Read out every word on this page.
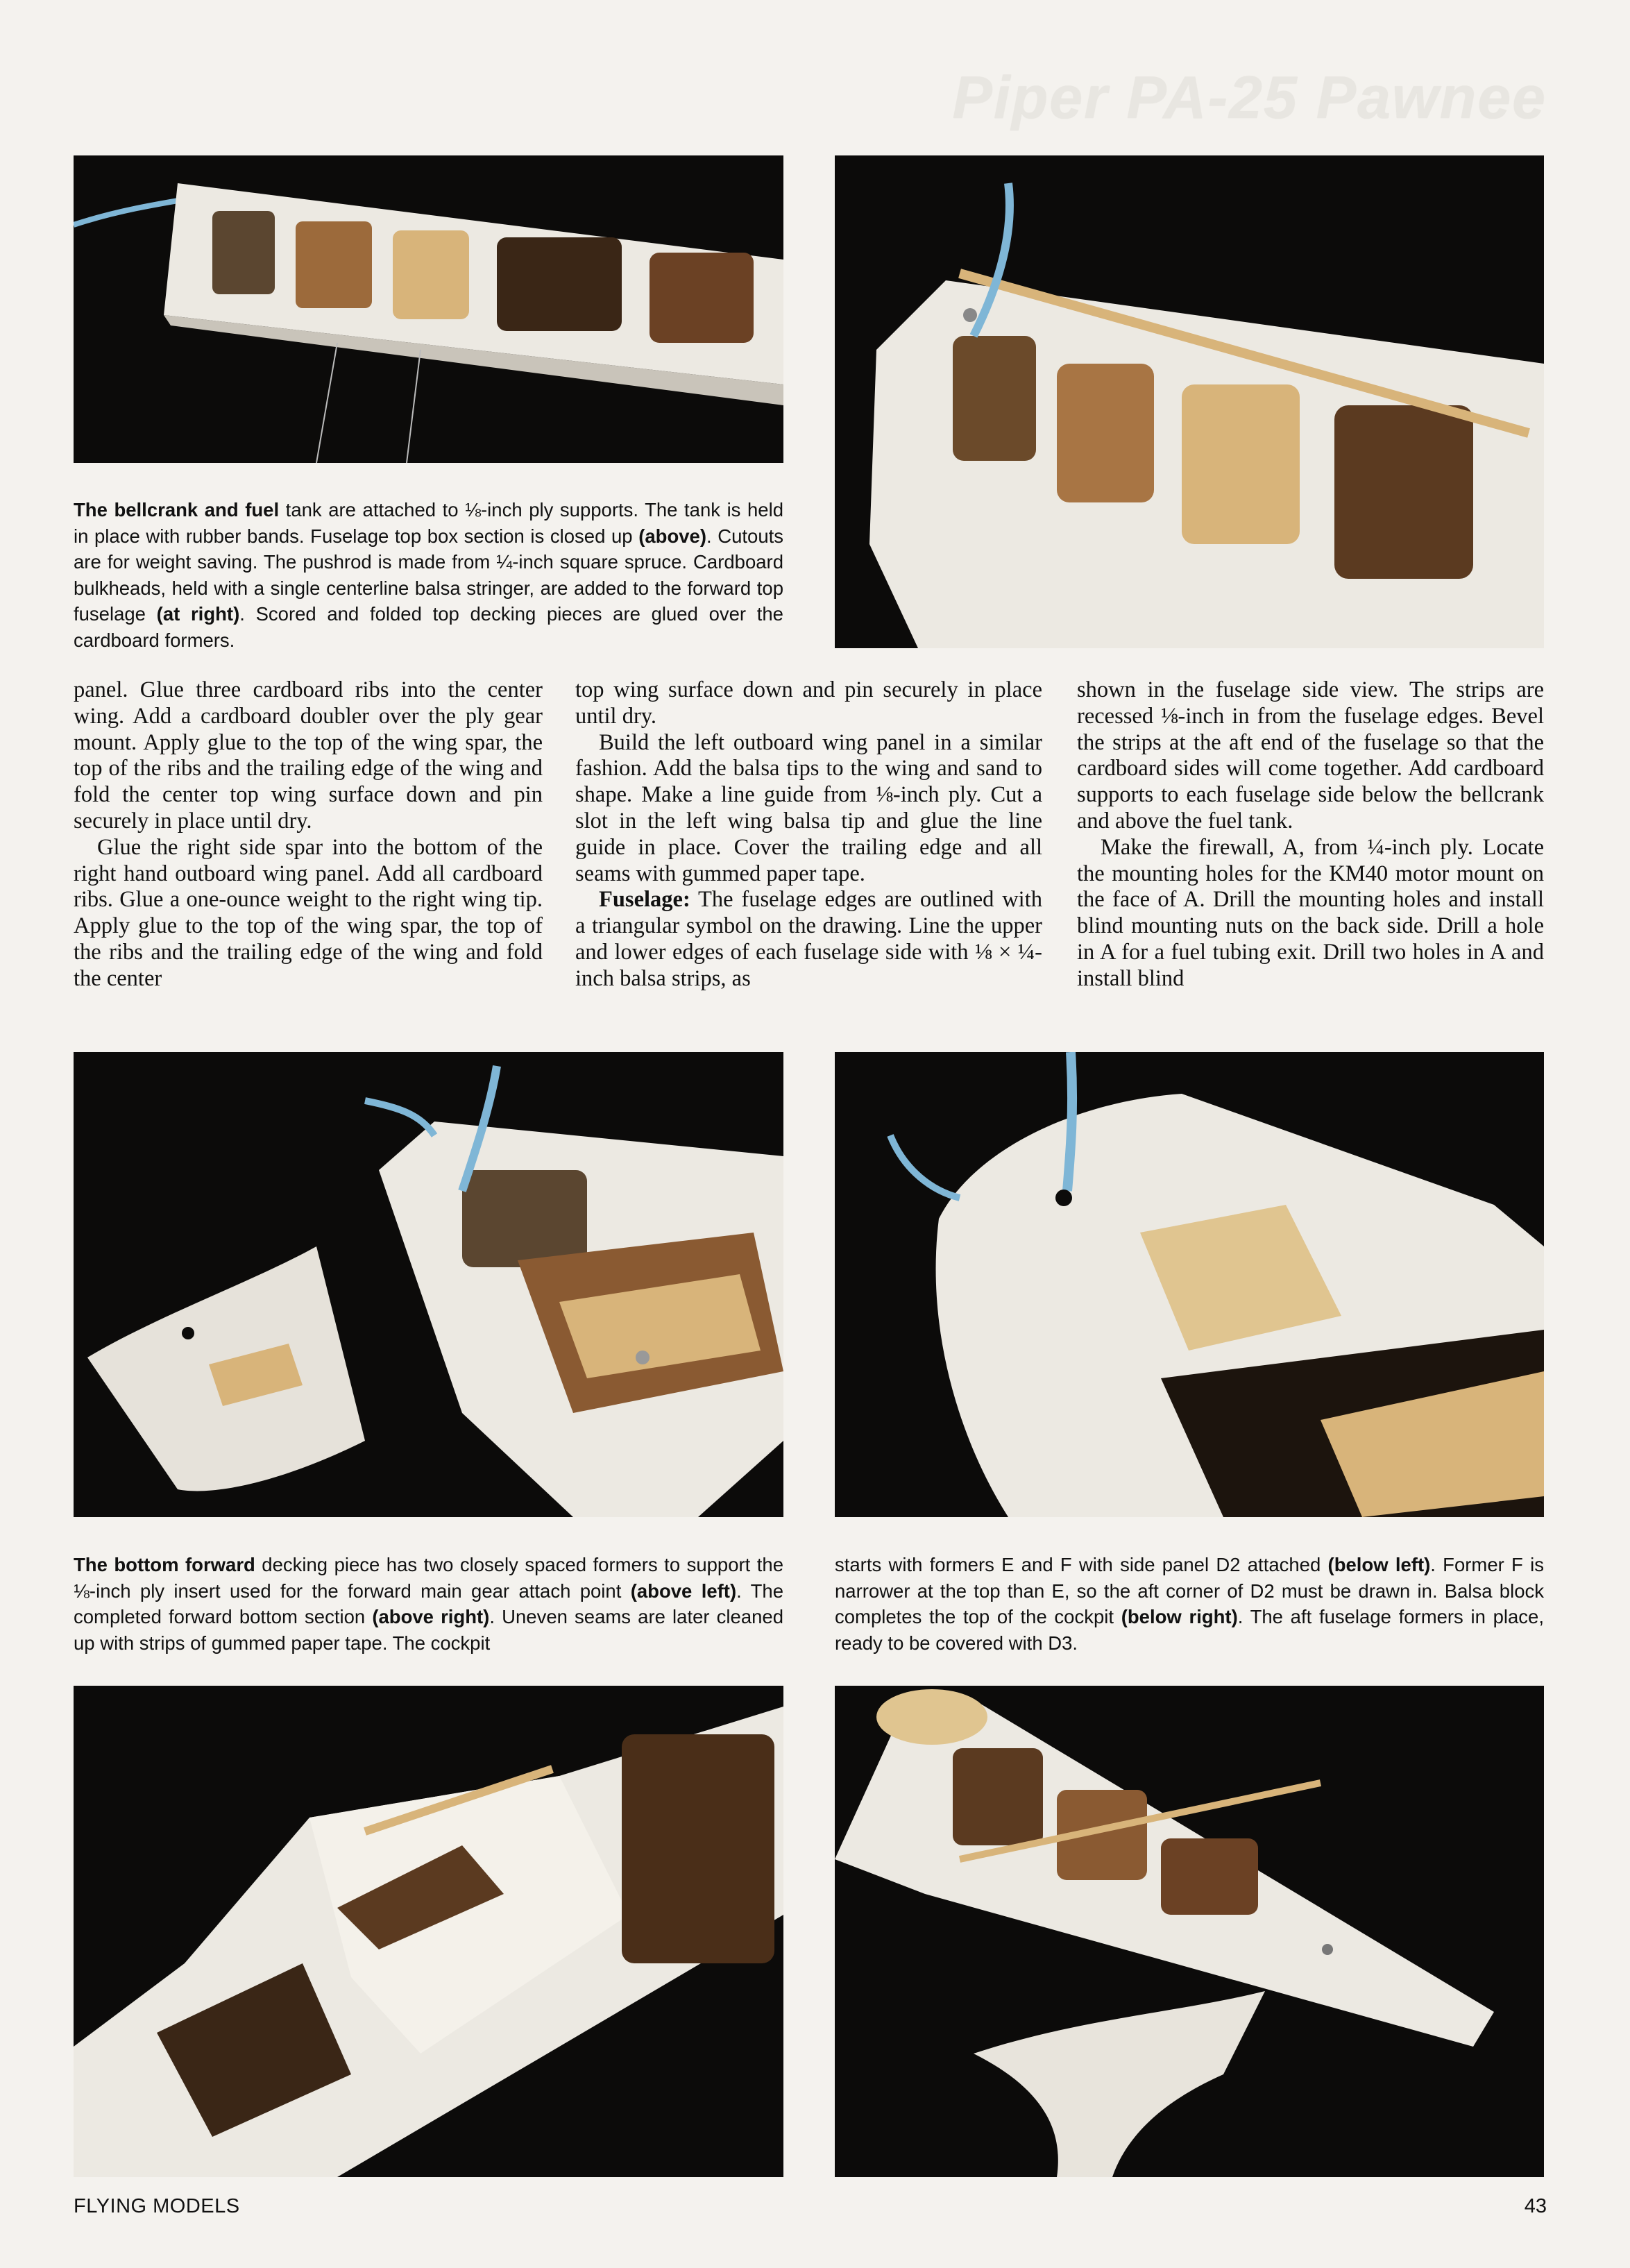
Piper PA-25 Pawnee
The bellcrank and fuel tank are attached to ⅛-inch ply supports. The tank is held in place with rubber bands. Fuselage top box section is closed up (above). Cutouts are for weight saving. The pushrod is made from ¼-inch square spruce. Cardboard bulkheads, held with a single centerline balsa stringer, are added to the forward top fuselage (at right). Scored and folded top decking pieces are glued over the cardboard formers.

panel. Glue three cardboard ribs into the center wing. Add a cardboard doubler over the ply gear mount. Apply glue to the top of the wing spar, the top of the ribs and the trailing edge of the wing and fold the center top wing surface down and pin securely in place until dry.

Glue the right side spar into the bottom of the right hand outboard wing panel. Add all cardboard ribs. Glue a one-ounce weight to the right wing tip. Apply glue to the top of the wing spar, the top of the ribs and the trailing edge of the wing and fold the center

top wing surface down and pin securely in place until dry.

Build the left outboard wing panel in a similar fashion. Add the balsa tips to the wing and sand to shape. Make a line guide from ⅛-inch ply. Cut a slot in the left wing balsa tip and glue the line guide in place. Cover the trailing edge and all seams with gummed paper tape.

Fuselage: The fuselage edges are outlined with a triangular symbol on the drawing. Line the upper and lower edges of each fuselage side with ⅛ × ¼-inch balsa strips, as

shown in the fuselage side view. The strips are recessed ⅛-inch in from the fuselage edges. Bevel the strips at the aft end of the fuselage so that the cardboard sides will come together. Add cardboard supports to each fuselage side below the bellcrank and above the fuel tank.

Make the firewall, A, from ¼-inch ply. Locate the mounting holes for the KM40 motor mount on the face of A. Drill the mounting holes and install blind mounting nuts on the back side. Drill a hole in A for a fuel tubing exit. Drill two holes in A and install blind

The bottom forward decking piece has two closely spaced formers to support the ⅛-inch ply insert used for the forward main gear attach point (above left). The completed forward bottom section (above right). Uneven seams are later cleaned up with strips of gummed paper tape. The cockpit
starts with formers E and F with side panel D2 attached (below left). Former F is narrower at the top than E, so the aft corner of D2 must be drawn in. Balsa block completes the top of the cockpit (below right). The aft fuselage formers in place, ready to be covered with D3.
FLYING MODELS	43
